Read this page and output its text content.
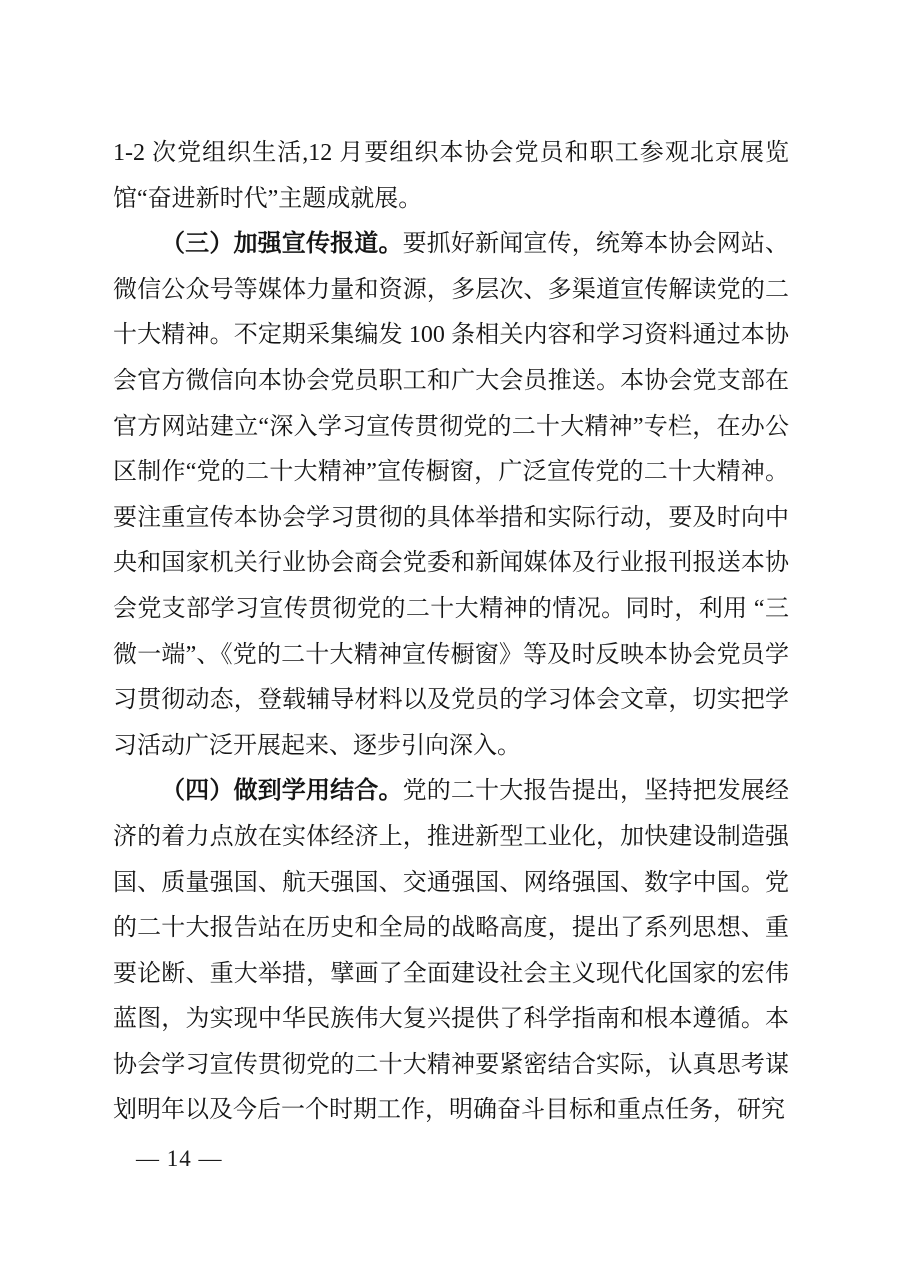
1-2 次党组织生活,12 月要组织本协会党员和职工参观北京展览馆“奋进新时代”主题成就展。

（三）加强宣传报道。要抓好新闻宣传，统筹本协会网站、微信公众号等媒体力量和资源，多层次、多渠道宣传解读党的二十大精神。不定期采集编发 100 条相关内容和学习资料通过本协会官方微信向本协会党员职工和广大会员推送。本协会党支部在官方网站建立“深入学习宣传贯彻党的二十大精神”专栏，在办公区制作“党的二十大精神”宣传橱窗，广泛宣传党的二十大精神。要注重宣传本协会学习贯彻的具体举措和实际行动，要及时向中央和国家机关行业协会商会党委和新闻媒体及行业报刊报送本协会党支部学习宣传贯彻党的二十大精神的情况。同时，利用 “三微一端”、《党的二十大精神宣传橱窗》等及时反映本协会党员学习贯彻动态，登载辅导材料以及党员的学习体会文章，切实把学习活动广泛开展起来、逐步引向深入。

（四）做到学用结合。党的二十大报告提出，坚持把发展经济的着力点放在实体经济上，推进新型工业化，加快建设制造强国、质量强国、航天强国、交通强国、网络强国、数字中国。党的二十大报告站在历史和全局的战略高度，提出了系列思想、重要论断、重大举措，擘画了全面建设社会主义现代化国家的宏伟蓝图，为实现中华民族伟大复兴提供了科学指南和根本遵循。本协会学习宣传贯彻党的二十大精神要紧密结合实际，认真思考谋划明年以及今后一个时期工作，明确奋斗目标和重点任务，研究

— 14 —
